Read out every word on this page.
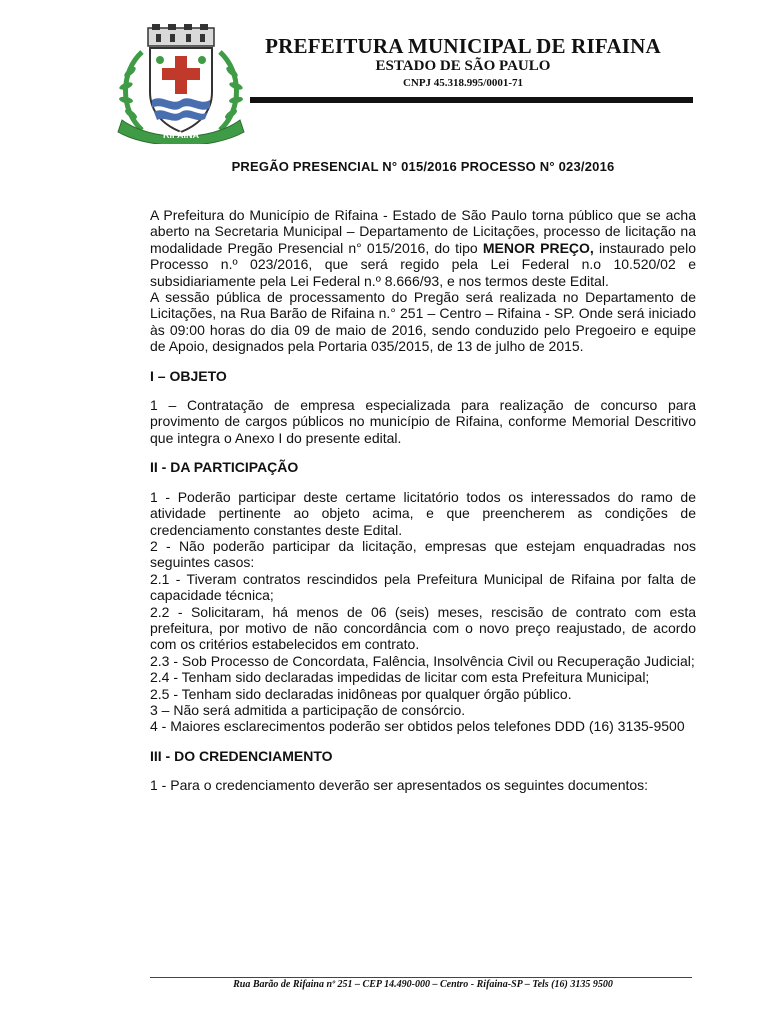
RIFAINA
PREFEITURA MUNICIPAL DE RIFAINA
ESTADO DE SÃO PAULO
CNPJ 45.318.995/0001-71
PREGÃO PRESENCIAL N° 015/2016 PROCESSO N° 023/2016

A Prefeitura do Município de Rifaina - Estado de São Paulo torna público que se acha aberto na Secretaria Municipal – Departamento de Licitações, processo de licitação na modalidade Pregão Presencial n° 015/2016, do tipo MENOR PREÇO, instaurado pelo Processo n.º 023/2016, que será regido pela Lei Federal n.o 10.520/02 e subsidiariamente pela Lei Federal n.º 8.666/93, e nos termos deste Edital.

A sessão pública de processamento do Pregão será realizada no Departamento de Licitações, na Rua Barão de Rifaina n.° 251 – Centro – Rifaina - SP. Onde será iniciado às 09:00 horas do dia 09 de maio de 2016, sendo conduzido pelo Pregoeiro e equipe de Apoio, designados pela Portaria 035/2015, de 13 de julho de 2015.

I – OBJETO

1 – Contratação de empresa especializada para realização de concurso para provimento de cargos públicos no município de Rifaina, conforme Memorial Descritivo que integra o Anexo I do presente edital.

II - DA PARTICIPAÇÃO

1 - Poderão participar deste certame licitatório todos os interessados do ramo de atividade pertinente ao objeto acima, e que preencherem as condições de credenciamento constantes deste Edital.

2 - Não poderão participar da licitação, empresas que estejam enquadradas nos seguintes casos:

2.1 - Tiveram contratos rescindidos pela Prefeitura Municipal de Rifaina por falta de capacidade técnica;

2.2 - Solicitaram, há menos de 06 (seis) meses, rescisão de contrato com esta prefeitura, por motivo de não concordância com o novo preço reajustado, de acordo com os critérios estabelecidos em contrato.

2.3 - Sob Processo de Concordata, Falência, Insolvência Civil ou Recuperação Judicial;

2.4 - Tenham sido declaradas impedidas de licitar com esta Prefeitura Municipal;

2.5 - Tenham sido declaradas inidôneas por qualquer órgão público.

3 – Não será admitida a participação de consórcio.

4 - Maiores esclarecimentos poderão ser obtidos pelos telefones DDD (16) 3135-9500

III - DO CREDENCIAMENTO

1 - Para o credenciamento deverão ser apresentados os seguintes documentos:

Rua Barão de Rifaina nº 251 – CEP 14.490-000 – Centro - Rifaina-SP – Tels (16) 3135 9500
